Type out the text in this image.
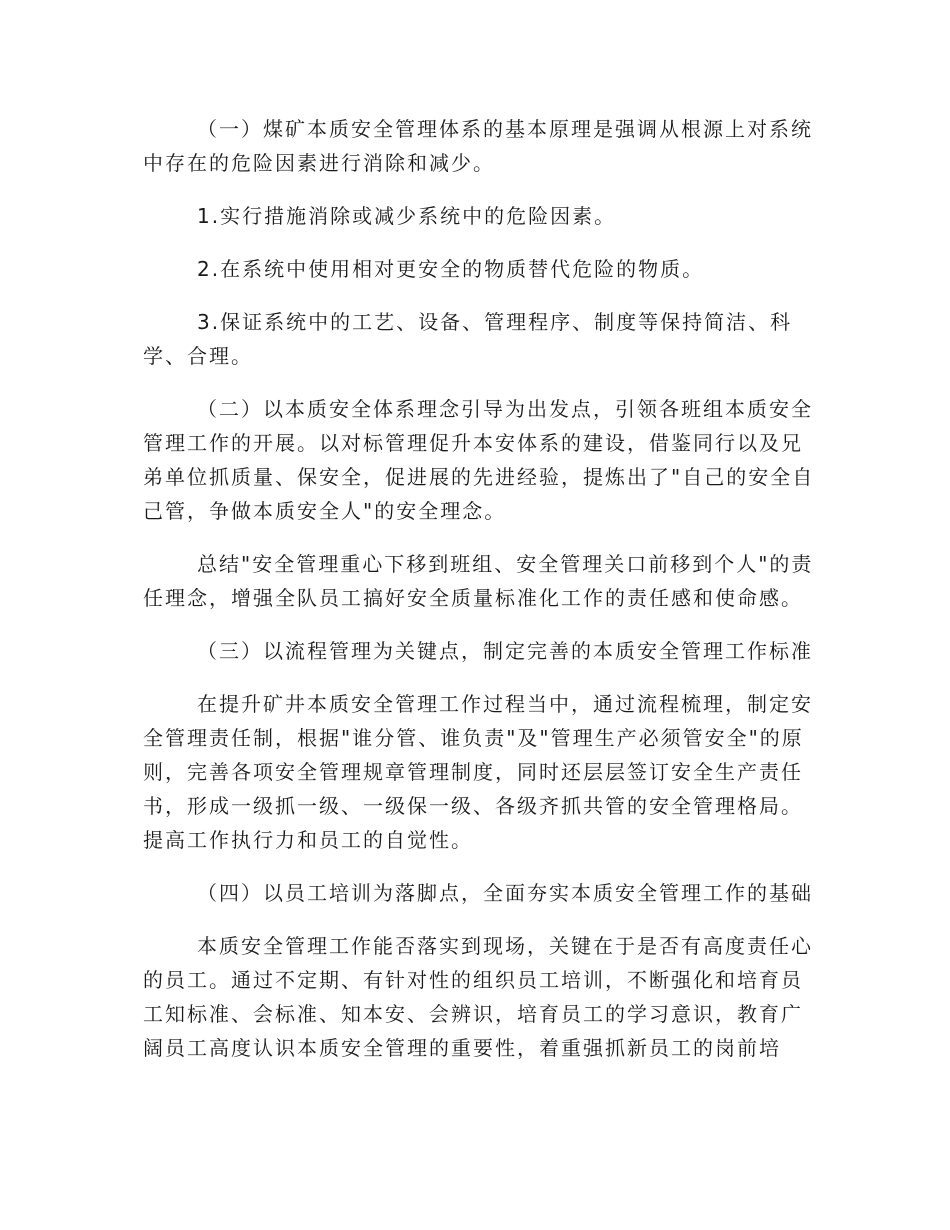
（一）煤矿本质安全管理体系的基本原理是强调从根源上对系统
中存在的危险因素进行消除和减少。

1.实行措施消除或减少系统中的危险因素。

2.在系统中使用相对更安全的物质替代危险的物质。

3.保证系统中的工艺、设备、管理程序、制度等保持简洁、科
学、合理。

（二）以本质安全体系理念引导为出发点，引领各班组本质安全
管理工作的开展。以对标管理促升本安体系的建设，借鉴同行以及兄
弟单位抓质量、保安全，促进展的先进经验，提炼出了"自己的安全自
己管，争做本质安全人"的安全理念。

总结"安全管理重心下移到班组、安全管理关口前移到个人"的责
任理念，增强全队员工搞好安全质量标准化工作的责任感和使命感。

（三）以流程管理为关键点，制定完善的本质安全管理工作标准

在提升矿井本质安全管理工作过程当中，通过流程梳理，制定安
全管理责任制，根据"谁分管、谁负责"及"管理生产必须管安全"的原
则，完善各项安全管理规章管理制度，同时还层层签订安全生产责任
书，形成一级抓一级、一级保一级、各级齐抓共管的安全管理格局。
提高工作执行力和员工的自觉性。

（四）以员工培训为落脚点，全面夯实本质安全管理工作的基础

本质安全管理工作能否落实到现场，关键在于是否有高度责任心
的员工。通过不定期、有针对性的组织员工培训，不断强化和培育员
工知标准、会标准、知本安、会辨识，培育员工的学习意识，教育广
阔员工高度认识本质安全管理的重要性，着重强抓新员工的岗前培
